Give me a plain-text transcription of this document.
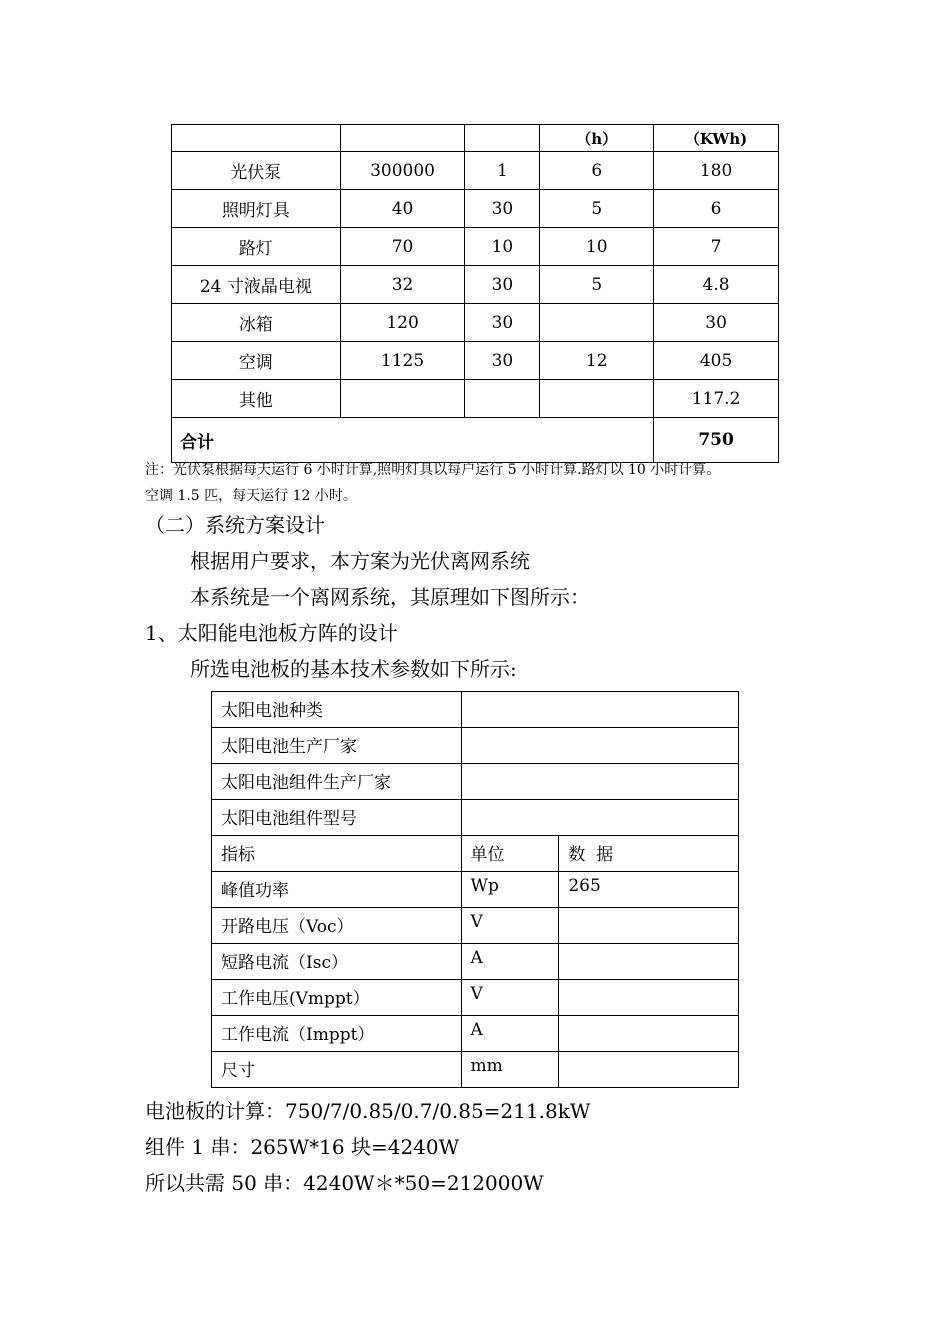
			（h）	（KWh)
光伏泵	300000	1	6	180
照明灯具	40	30	5	6
路灯	70	10	10	7
24 寸液晶电视	32	30	5	4.8
冰箱	120	30		30
空调	1125	30	12	405
其他				117.2
合计				750
注：光伏泵根据每天运行 6 小时计算,照明灯具以每户运行 5 小时计算.路灯以 10 小时计算。
空调 1.5 匹，每天运行 12 小时。
（二）系统方案设计
根据用户要求，本方案为光伏离网系统
本系统是一个离网系统，其原理如下图所示：
1、太阳能电池板方阵的设计
所选电池板的基本技术参数如下所示:
太阳电池种类		
太阳电池生产厂家		
太阳电池组件生产厂家		
太阳电池组件型号		
指标	单位	数  据
峰值功率	Wp	265
开路电压（Voc）	V	
短路电流（Isc）	A	
工作电压(Vmppt）	V	
工作电流（Imppt）	A	
尺寸	mm	
电池板的计算：750/7/0.85/0.7/0.85=211.8kW
组件 1 串：265W*16 块=4240W
所以共需 50 串：4240W＊*50=212000W
